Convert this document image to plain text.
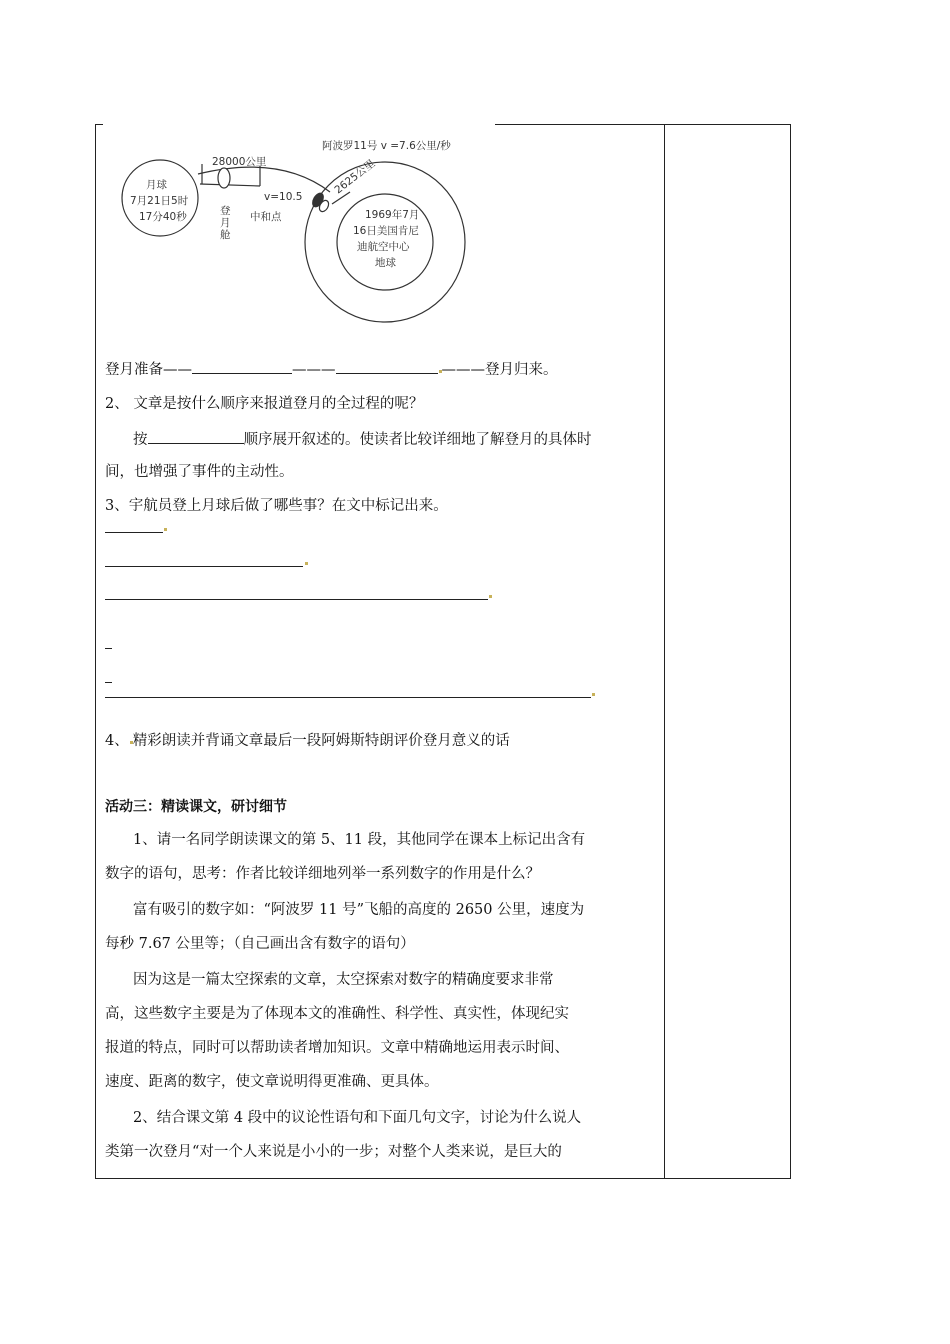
阿波罗11号 v =7.6公里/秒
月球
7月21日5时
17分40秒
28000公里
登
月
舱
v=10.5
中和点
2625公里
1969年7月
16日美国肯尼
迪航空中心
地球
登月准备——	———	———登月归来。
2、 文章是按什么顺序来报道登月的全过程的呢？
按	顺序展开叙述的。使读者比较详细地了解登月的具体时
间，也增强了事件的主动性。
3、宇航员登上月球后做了哪些事？在文中标记出来。
4、 精彩朗读并背诵文章最后一段阿姆斯特朗评价登月意义的话
活动三：精读课文，研讨细节
1、请一名同学朗读课文的第 5、11 段，其他同学在课本上标记出含有
数字的语句，思考：作者比较详细地列举一系列数字的作用是什么？
富有吸引的数字如：“阿波罗 11 号”飞船的高度的 2650 公里，速度为
每秒 7.67 公里等；（自己画出含有数字的语句）
因为这是一篇太空探索的文章，太空探索对数字的精确度要求非常
高，这些数字主要是为了体现本文的准确性、科学性、真实性，体现纪实
报道的特点，同时可以帮助读者增加知识。文章中精确地运用表示时间、
速度、距离的数字，使文章说明得更准确、更具体。
2、结合课文第 4 段中的议论性语句和下面几句文字，讨论为什么说人
类第一次登月“对一个人来说是小小的一步；对整个人类来说，是巨大的
